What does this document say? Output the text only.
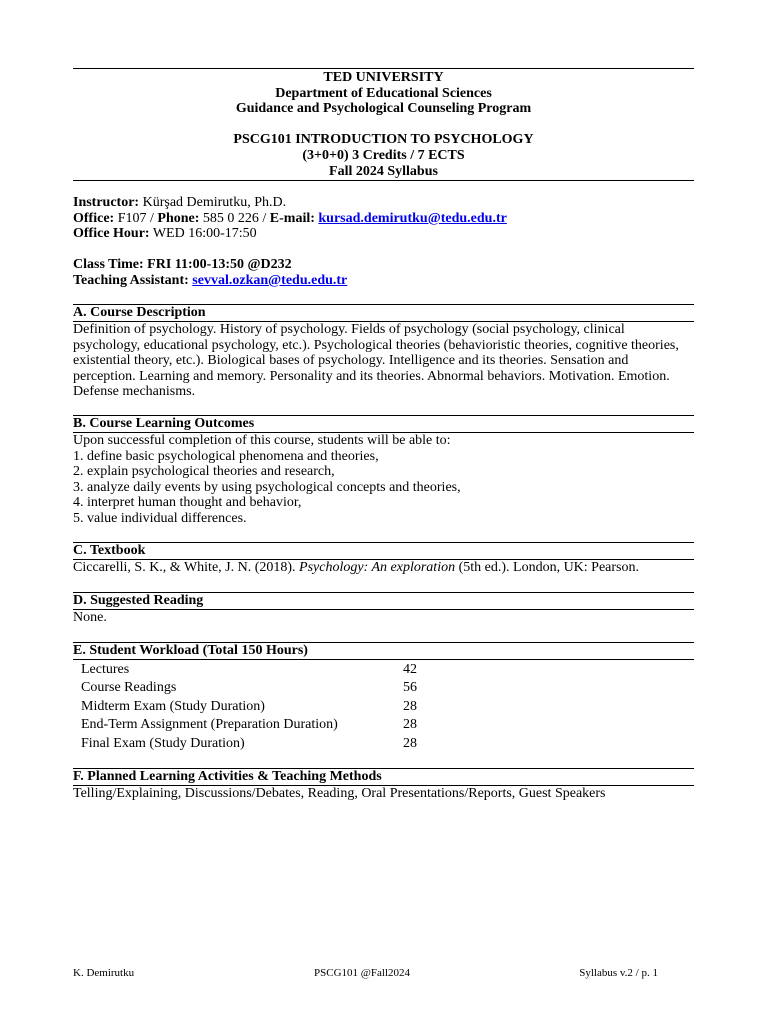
TED UNIVERSITY
Department of Educational Sciences
Guidance and Psychological Counseling Program
PSCG101 INTRODUCTION TO PSYCHOLOGY
(3+0+0) 3 Credits / 7 ECTS
Fall 2024 Syllabus
Instructor: Kürşad Demirutku, Ph.D.
Office: F107 / Phone: 585 0 226 / E-mail: kursad.demirutku@tedu.edu.tr
Office Hour: WED 16:00-17:50
Class Time: FRI 11:00-13:50 @D232
Teaching Assistant: sevval.ozkan@tedu.edu.tr
A. Course Description
Definition of psychology. History of psychology. Fields of psychology (social psychology, clinical psychology, educational psychology, etc.). Psychological theories (behavioristic theories, cognitive theories, existential theory, etc.). Biological bases of psychology. Intelligence and its theories. Sensation and perception. Learning and memory. Personality and its theories. Abnormal behaviors. Motivation. Emotion. Defense mechanisms.
B. Course Learning Outcomes
Upon successful completion of this course, students will be able to:
1. define basic psychological phenomena and theories,
2. explain psychological theories and research,
3. analyze daily events by using psychological concepts and theories,
4. interpret human thought and behavior,
5. value individual differences.
C. Textbook
Ciccarelli, S. K., & White, J. N. (2018). Psychology: An exploration (5th ed.). London, UK: Pearson.
D. Suggested Reading
None.
E. Student Workload (Total 150 Hours)
Lectures	42
Course Readings	56
Midterm Exam (Study Duration)	28
End-Term Assignment (Preparation Duration)	28
Final Exam (Study Duration)	28
F. Planned Learning Activities & Teaching Methods
Telling/Explaining, Discussions/Debates, Reading, Oral Presentations/Reports, Guest Speakers
K. Demirutku	PSCG101 @Fall2024	Syllabus v.2 / p. 1
